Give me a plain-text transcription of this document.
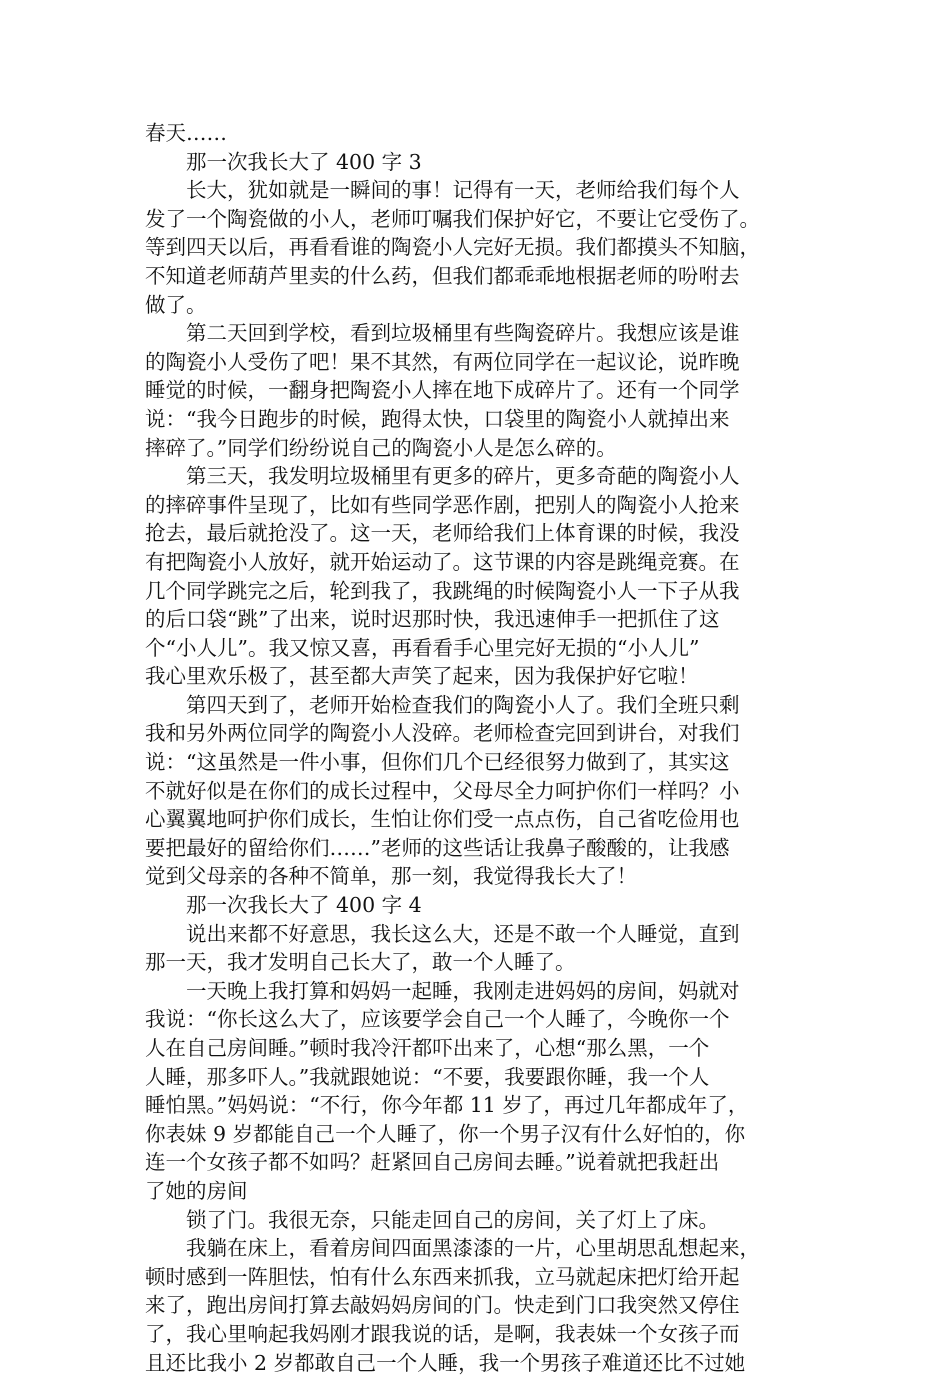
春天……
那一次我长大了 400 字 3
长大，犹如就是一瞬间的事！记得有一天，老师给我们每个人
发了一个陶瓷做的小人，老师叮嘱我们保护好它，不要让它受伤了。
等到四天以后，再看看谁的陶瓷小人完好无损。我们都摸头不知脑，
不知道老师葫芦里卖的什么药，但我们都乖乖地根据老师的吩咐去
做了。
第二天回到学校，看到垃圾桶里有些陶瓷碎片。我想应该是谁
的陶瓷小人受伤了吧！果不其然，有两位同学在一起议论，说昨晚
睡觉的时候，一翻身把陶瓷小人摔在地下成碎片了。还有一个同学
说：“我今日跑步的时候，跑得太快，口袋里的陶瓷小人就掉出来
摔碎了。”同学们纷纷说自己的陶瓷小人是怎么碎的。
第三天，我发明垃圾桶里有更多的碎片，更多奇葩的陶瓷小人
的摔碎事件呈现了，比如有些同学恶作剧，把别人的陶瓷小人抢来
抢去，最后就抢没了。这一天，老师给我们上体育课的时候，我没
有把陶瓷小人放好，就开始运动了。这节课的内容是跳绳竞赛。在
几个同学跳完之后，轮到我了，我跳绳的时候陶瓷小人一下子从我
的后口袋“跳”了出来，说时迟那时快，我迅速伸手一把抓住了这
个“小人儿”。我又惊又喜，再看看手心里完好无损的“小人儿”
我心里欢乐极了，甚至都大声笑了起来，因为我保护好它啦！
第四天到了，老师开始检查我们的陶瓷小人了。我们全班只剩
我和另外两位同学的陶瓷小人没碎。老师检查完回到讲台，对我们
说：“这虽然是一件小事，但你们几个已经很努力做到了，其实这
不就好似是在你们的成长过程中，父母尽全力呵护你们一样吗？小
心翼翼地呵护你们成长，生怕让你们受一点点伤，自己省吃俭用也
要把最好的留给你们……”老师的这些话让我鼻子酸酸的，让我感
觉到父母亲的各种不简单，那一刻，我觉得我长大了！
那一次我长大了 400 字 4
说出来都不好意思，我长这么大，还是不敢一个人睡觉，直到
那一天，我才发明自己长大了，敢一个人睡了。
一天晚上我打算和妈妈一起睡，我刚走进妈妈的房间，妈就对
我说：“你长这么大了，应该要学会自己一个人睡了，今晚你一个
人在自己房间睡。”顿时我冷汗都吓出来了，心想“那么黑，一个
人睡，那多吓人。”我就跟她说：“不要，我要跟你睡，我一个人
睡怕黑。”妈妈说：“不行，你今年都 11 岁了，再过几年都成年了，
你表妹 9 岁都能自己一个人睡了，你一个男子汉有什么好怕的，你
连一个女孩子都不如吗？赶紧回自己房间去睡。”说着就把我赶出
了她的房间
锁了门。我很无奈，只能走回自己的房间，关了灯上了床。
我躺在床上，看着房间四面黑漆漆的一片，心里胡思乱想起来，
顿时感到一阵胆怯，怕有什么东西来抓我，立马就起床把灯给开起
来了，跑出房间打算去敲妈妈房间的门。快走到门口我突然又停住
了，我心里响起我妈刚才跟我说的话，是啊，我表妹一个女孩子而
且还比我小 2 岁都敢自己一个人睡，我一个男孩子难道还比不过她
